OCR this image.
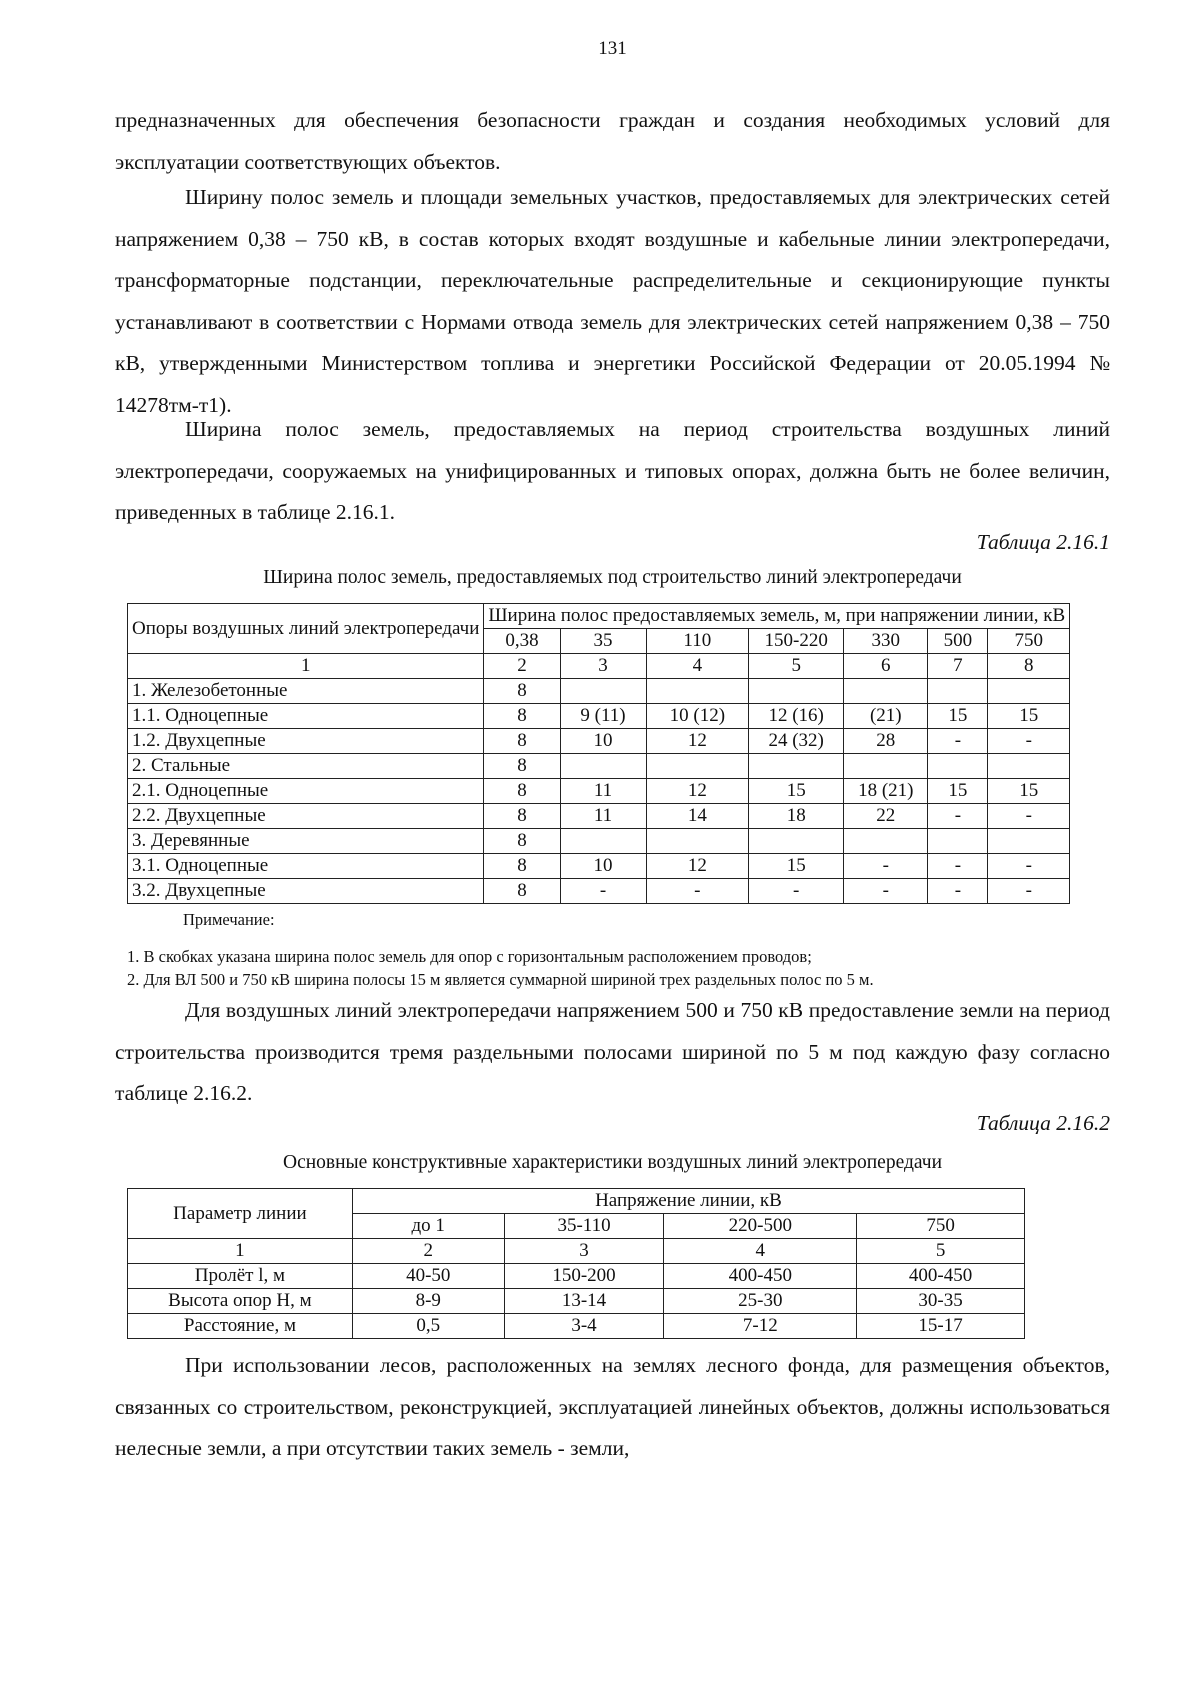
131

предназначенных для обеспечения безопасности граждан и создания необходимых условий для эксплуатации соответствующих объектов.

Ширину полос земель и площади земельных участков, предоставляемых для электрических сетей напряжением 0,38 – 750 кВ, в состав которых входят воздушные и кабельные линии электропередачи, трансформаторные подстанции, переключательные распределительные и секционирующие пункты устанавливают в соответствии с Нормами отвода земель для электрических сетей напряжением 0,38 – 750 кВ, утвержденными Министерством топлива и энергетики Российской Федерации от 20.05.1994 № 14278тм-т1).

Ширина полос земель, предоставляемых на период строительства воздушных линий электропередачи, сооружаемых на унифицированных и типовых опорах, должна быть не более величин, приведенных в таблице 2.16.1.

Таблица 2.16.1
Ширина полос земель, предоставляемых под строительство линий электропередачи
Опоры воздушных линий электропередачи	Ширина полос предоставляемых земель, м, при напряжении линии, кВ						
	0,38	35	110	150-220	330	500	750
1	2	3	4	5	6	7	8
1. Железобетонные	8						
1.1. Одноцепные	8	9 (11)	10 (12)	12 (16)	(21)	15	15
1.2. Двухцепные	8	10	12	24 (32)	28	-	-
2. Стальные	8						
2.1. Одноцепные	8	11	12	15	18 (21)	15	15
2.2. Двухцепные	8	11	14	18	22	-	-
3. Деревянные	8						
3.1. Одноцепные	8	10	12	15	-	-	-
3.2. Двухцепные	8	-	-	-	-	-	-
Примечание:
1. В скобках указана ширина полос земель для опор с горизонтальным расположением проводов;
2. Для ВЛ 500 и 750 кВ ширина полосы 15 м является суммарной шириной трех раздельных полос по 5 м.

Для воздушных линий электропередачи напряжением 500 и 750 кВ предоставление земли на период строительства производится тремя раздельными полосами шириной по 5 м под каждую фазу согласно таблице 2.16.2.

Таблица 2.16.2
Основные конструктивные характеристики воздушных линий электропередачи
Параметр линии	Напряжение линии, кВ			
	до 1	35-110	220-500	750
1	2	3	4	5
Пролёт l, м	40-50	150-200	400-450	400-450
Высота опор H, м	8-9	13-14	25-30	30-35
Расстояние, м	0,5	3-4	7-12	15-17

При использовании лесов, расположенных на землях лесного фонда, для размещения объектов, связанных со строительством, реконструкцией, эксплуатацией линейных объектов, должны использоваться нелесные земли, а при отсутствии таких земель - земли,
